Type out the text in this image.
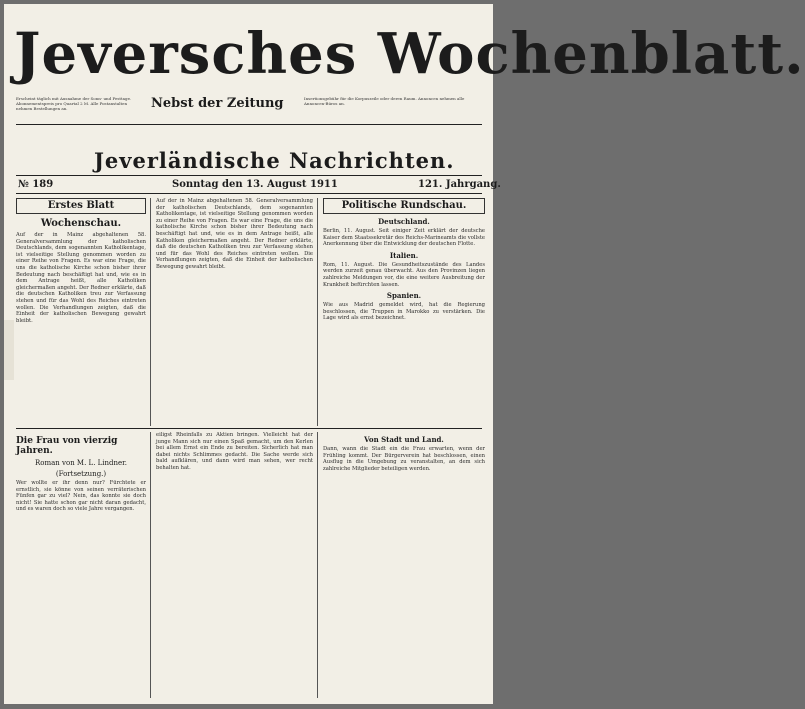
Jeversches Wochenblatt.
Erscheint täglich mit Ausnahme der Sonn- und Festtage. Abonnementspreis pro Quartal 2 M. Alle Postanstalten nehmen Bestellungen an.	Nebst der Zeitung	Insertionsgebühr für die Korpuszeile oder deren Raum. Annoncen nehmen alle Annoncen-Büros an.
Jeverländische Nachrichten.
№ 189	Sonntag den 13. August 1911	121. Jahrgang.
Erstes Blatt
Wochenschau.

Auf der in Mainz abgehaltenen 58. Generalversammlung der katholischen Deutschlands, dem sogenannten Katholikentage, ist vielseitige Stellung genommen worden zu einer Reihe von Fragen. Es war eine Frage, die uns die katholische Kirche schon bisher ihrer Bedeutung nach beschäftigt hat und, wie es in dem Antrage heißt, alle Katholiken gleichermaßen angeht. Der Redner erklärte, daß die deutschen Katholiken treu zur Verfassung stehen und für das Wohl des Reiches eintreten wollen. Die Verhandlungen zeigten, daß die Einheit der katholischen Bewegung gewahrt bleibt.

Auf der in Mainz abgehaltenen 58. Generalversammlung der katholischen Deutschlands, dem sogenannten Katholikentage, ist vielseitige Stellung genommen worden zu einer Reihe von Fragen. Es war eine Frage, die uns die katholische Kirche schon bisher ihrer Bedeutung nach beschäftigt hat und, wie es in dem Antrage heißt, alle Katholiken gleichermaßen angeht. Der Redner erklärte, daß die deutschen Katholiken treu zur Verfassung stehen und für das Wohl des Reiches eintreten wollen. Die Verhandlungen zeigten, daß die Einheit der katholischen Bewegung gewahrt bleibt.

Politische Rundschau.
Deutschland.

Berlin, 11. August. Seit einiger Zeit erklärt der deutsche Kaiser dem Staatssekretär des Reichs-Marineamts die vollste Anerkennung über die Entwicklung der deutschen Flotte.

Italien.

Rom, 11. August. Die Gesundheitszustände des Landes werden zurzeit genau überwacht. Aus den Provinzen liegen zahlreiche Meldungen vor, die eine weitere Ausbreitung der Krankheit befürchten lassen.

Spanien.

Wie aus Madrid gemeldet wird, hat die Regierung beschlossen, die Truppen in Marokko zu verstärken. Die Lage wird als ernst bezeichnet.

Die Frau von vierzig Jahren.
Roman von M. L. Lindner.
(Fortsetzung.)

Wer wollte er ihr denn nur? Fürchtete er ernstlich, sie könne von seinen verräterischen Fünfen gar zu viel? Nein, das konnte sie doch nicht! Sie hatte schon gar nicht daran gedacht, und es waren doch so viele Jahre vergangen.

eiligst Rheinfalls zu Aktien bringen. Vielleicht hat der junge Mann sich nur einen Spaß gemacht, um den Kerlen bei allem Ernst ein Ende zu bereiten. Sicherlich hat man dabei nichts Schlimmes gedacht. Die Sache werde sich bald aufklären, und dann wird man sehen, wer recht behalten hat.

Von Stadt und Land.

Dann, wann die Stadt ein die Frau erwarten, wenn der Frühling kommt. Der Bürgerverein hat beschlossen, einen Ausflug in die Umgebung zu veranstalten, an dem sich zahlreiche Mitglieder beteiligen werden.
